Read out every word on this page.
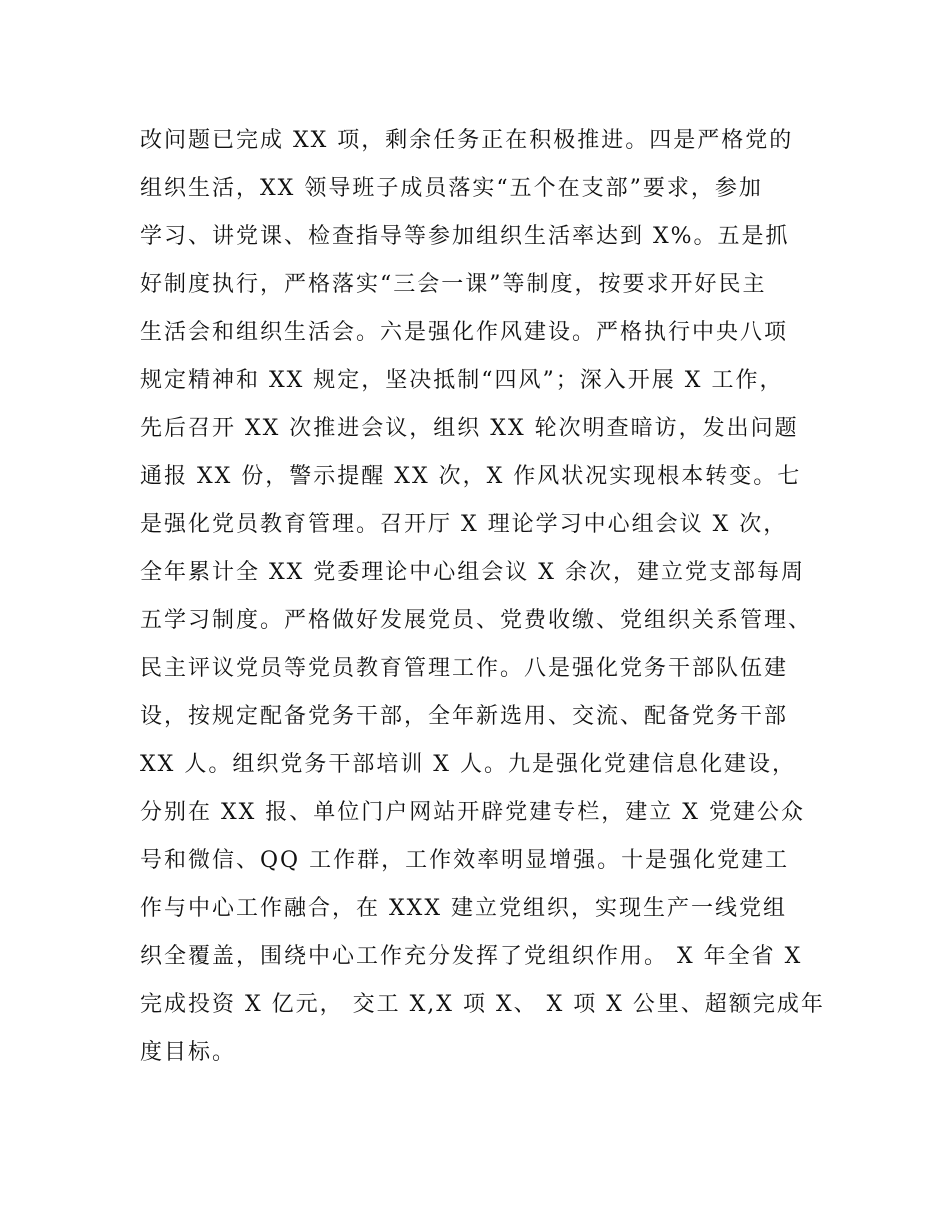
改问题已完成 XX 项，剩余任务正在积极推进。四是严格党的
组织生活，XX 领导班子成员落实“五个在支部”要求，参加
学习、讲党课、检查指导等参加组织生活率达到 X%。五是抓
好制度执行，严格落实“三会一课”等制度，按要求开好民主
生活会和组织生活会。六是强化作风建设。严格执行中央八项
规定精神和 XX 规定，坚决抵制“四风”；深入开展 X 工作，
先后召开 XX 次推进会议，组织 XX 轮次明查暗访，发出问题
通报 XX 份，警示提醒 XX 次，X 作风状况实现根本转变。七
是强化党员教育管理。召开厅 X 理论学习中心组会议 X 次，
全年累计全 XX 党委理论中心组会议 X 余次，建立党支部每周
五学习制度。严格做好发展党员、党费收缴、党组织关系管理、
民主评议党员等党员教育管理工作。八是强化党务干部队伍建
设，按规定配备党务干部，全年新选用、交流、配备党务干部
XX 人。组织党务干部培训 X 人。九是强化党建信息化建设，
分别在 XX 报、单位门户网站开辟党建专栏，建立 X 党建公众
号和微信、QQ 工作群，工作效率明显增强。十是强化党建工
作与中心工作融合，在 XXX 建立党组织，实现生产一线党组
织全覆盖，围绕中心工作充分发挥了党组织作用。 X 年全省 X
完成投资 X 亿元， 交工 X,X 项 X、 X 项 X 公里、超额完成年
度目标。
